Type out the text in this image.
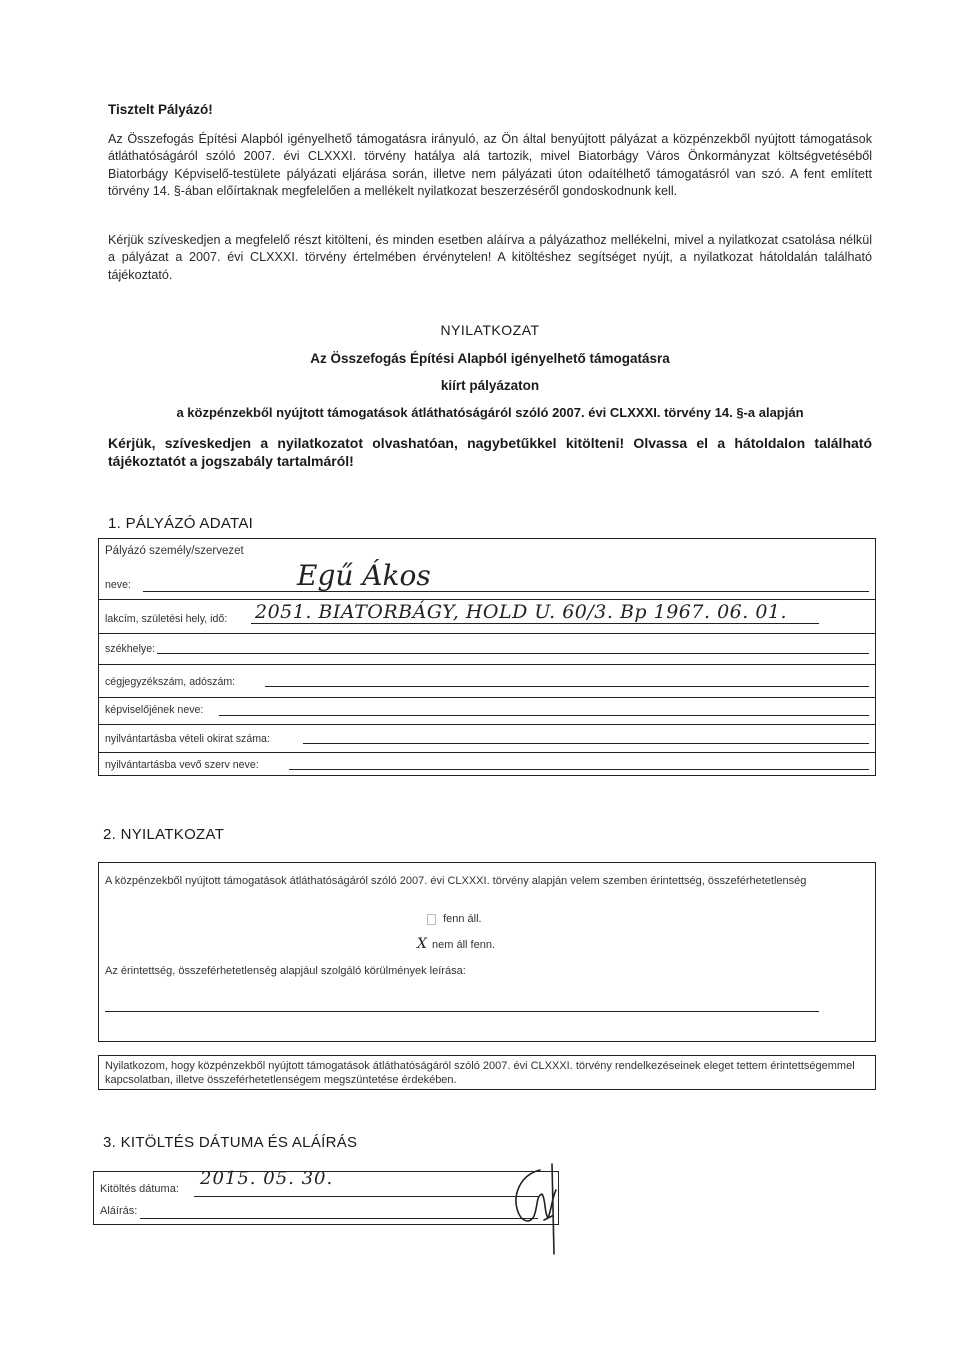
Tisztelt Pályázó!
Az Összefogás Építési Alapból igényelhető támogatásra irányuló, az Ön által benyújtott pályázat a közpénzekből nyújtott támogatások átláthatóságáról szóló 2007. évi CLXXXI. törvény hatálya alá tartozik, mivel Biatorbágy Város Önkormányzat költségvetéséből Biatorbágy Képviselő-testülete pályázati eljárása során, illetve nem pályázati úton odaítélhető támogatásról van szó. A fent említett törvény 14. §-ában előírtaknak megfelelően a mellékelt nyilatkozat beszerzéséről gondoskodnunk kell.
Kérjük szíveskedjen a megfelelő részt kitölteni, és minden esetben aláírva a pályázathoz mellékelni, mivel a nyilatkozat csatolása nélkül a pályázat a 2007. évi CLXXXI. törvény értelmében érvénytelen! A kitöltéshez segítséget nyújt, a nyilatkozat hátoldalán található tájékoztató.
NYILATKOZAT
Az Összefogás Építési Alapból igényelhető támogatásra
kiírt pályázaton
a közpénzekből nyújtott támogatások átláthatóságáról szóló 2007. évi CLXXXI. törvény 14. §-a alapján
Kérjük, szíveskedjen a nyilatkozatot olvashatóan, nagybetűkkel kitölteni! Olvassa el a hátoldalon található tájékoztatót a jogszabály tartalmáról!
1. PÁLYÁZÓ ADATAI
Pályázó személy/szervezet
neve:	Egű Ákos
lakcím, születési hely, idő: 2051. BIATORBÁGY, HOLD U. 60/3. Bp 1967. 06. 01.
székhelye:
cégjegyzékszám, adószám:
képviselőjének neve:
nyilvántartásba vételi okirat száma:
nyilvántartásba vevő szerv neve:
2. NYILATKOZAT
A közpénzekből nyújtott támogatások átláthatóságáról szóló 2007. évi CLXXXI. törvény alapján velem szemben érintettség, összeférhetetlenség
fenn áll.
X nem áll fenn.
Az érintettség, összeférhetetlenség alapjául szolgáló körülmények leírása:
Nyilatkozom, hogy közpénzekből nyújtott támogatások átláthatóságáról szóló 2007. évi CLXXXI. törvény rendelkezéseinek eleget tettem érintettségemmel kapcsolatban, illetve összeférhetetlenségem megszüntetése érdekében.
3. KITÖLTÉS DÁTUMA ÉS ALÁÍRÁS
Kitöltés dátuma: 2015. 05. 30.
Aláírás:
